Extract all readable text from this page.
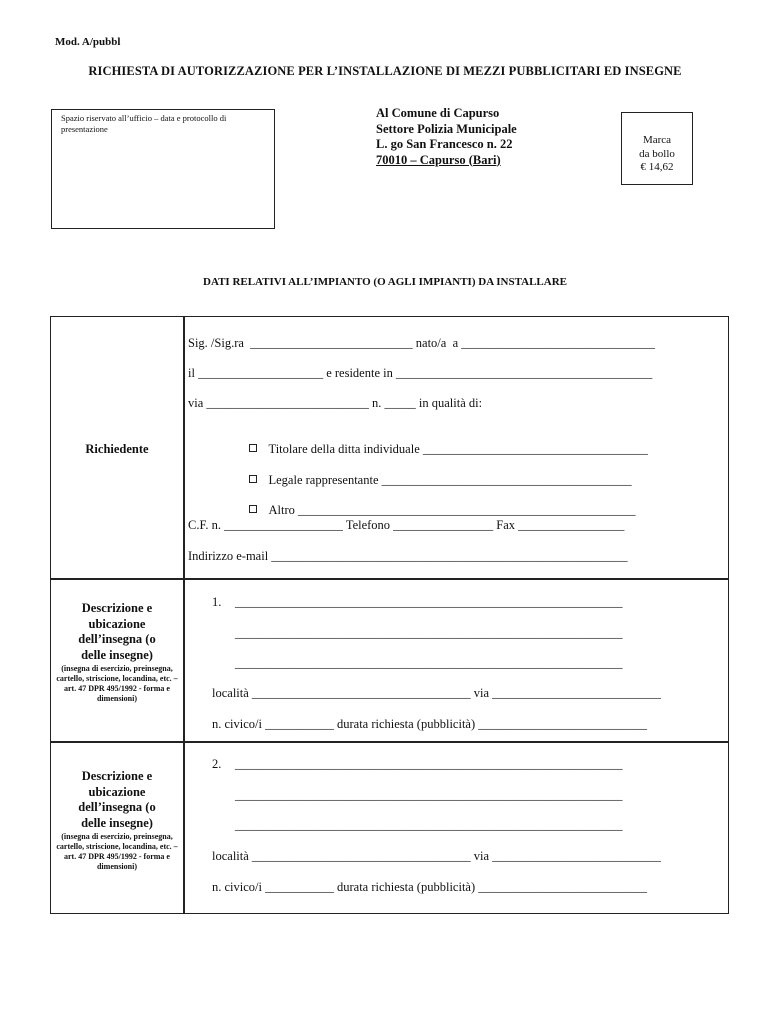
Mod. A/pubbl
RICHIESTA DI AUTORIZZAZIONE PER L’INSTALLAZIONE DI MEZZI PUBBLICITARI ED INSEGNE
Spazio riservato all’ufficio – data e protocollo di presentazione
Al Comune di Capurso
Settore Polizia Municipale
L. go San Francesco n. 22
70010 – Capurso (Bari)
Marca
da bollo
€ 14,62
DATI RELATIVI ALL’IMPIANTO (O AGLI IMPIANTI) DA INSTALLARE
Richiedente
Sig. /Sig.ra  __________________________ nato/a  a _______________________________
il ____________________ e residente in _________________________________________
via __________________________ n. _____ in qualità di:

Titolare della ditta individuale ____________________________________

Legale rappresentante ________________________________________

Altro ______________________________________________________

C.F. n. ___________________ Telefono ________________ Fax _________________
Indirizzo e-mail _________________________________________________________
Descrizione e ubicazione dell’insegna (o delle insegne)
(insegna di esercizio, preinsegna, cartello, striscione, locandina, etc. – art. 47 DPR 495/1992 - forma e dimensioni)
1. ______________________________________________________________
______________________________________________________________
______________________________________________________________
località ___________________________________ via ___________________________
n. civico/i ___________ durata richiesta (pubblicità) ___________________________
Descrizione e ubicazione dell’insegna (o delle insegne)
(insegna di esercizio, preinsegna, cartello, striscione, locandina, etc. – art. 47 DPR 495/1992 - forma e dimensioni)
2. ______________________________________________________________
______________________________________________________________
______________________________________________________________
località ___________________________________ via ___________________________
n. civico/i ___________ durata richiesta (pubblicità) ___________________________
